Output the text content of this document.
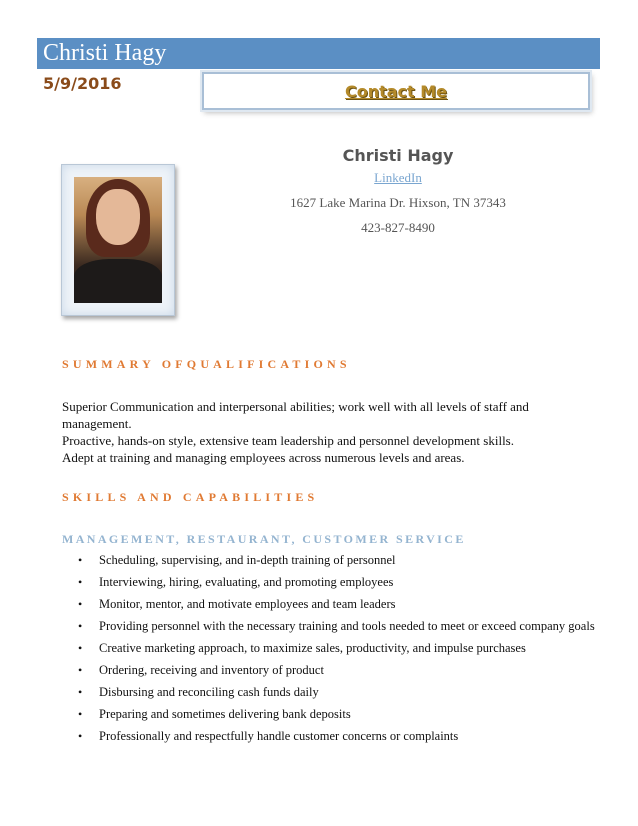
Christi Hagy
5/9/2016	Contact Me
Christi Hagy
LinkedIn
1627 Lake Marina Dr. Hixson, TN 37343
423-827-8490
SUMMARY OFQUALIFICATIONS

Superior Communication and interpersonal abilities; work well with all levels of staff and management.

Proactive, hands-on style, extensive team leadership and personnel development skills.

Adept at training and managing employees across numerous levels and areas.

SKILLS AND CAPABILITIES
MANAGEMENT, RESTAURANT, CUSTOMER SERVICE
• Scheduling, supervising, and in-depth training of personnel
• Interviewing, hiring, evaluating, and promoting employees
• Monitor, mentor, and motivate employees and team leaders
• Providing personnel with the necessary training and tools needed to meet or exceed company goals
• Creative marketing approach, to maximize sales, productivity, and impulse purchases
• Ordering, receiving and inventory of product
• Disbursing and reconciling cash funds daily
• Preparing and sometimes delivering bank deposits
• Professionally and respectfully handle customer concerns or complaints
